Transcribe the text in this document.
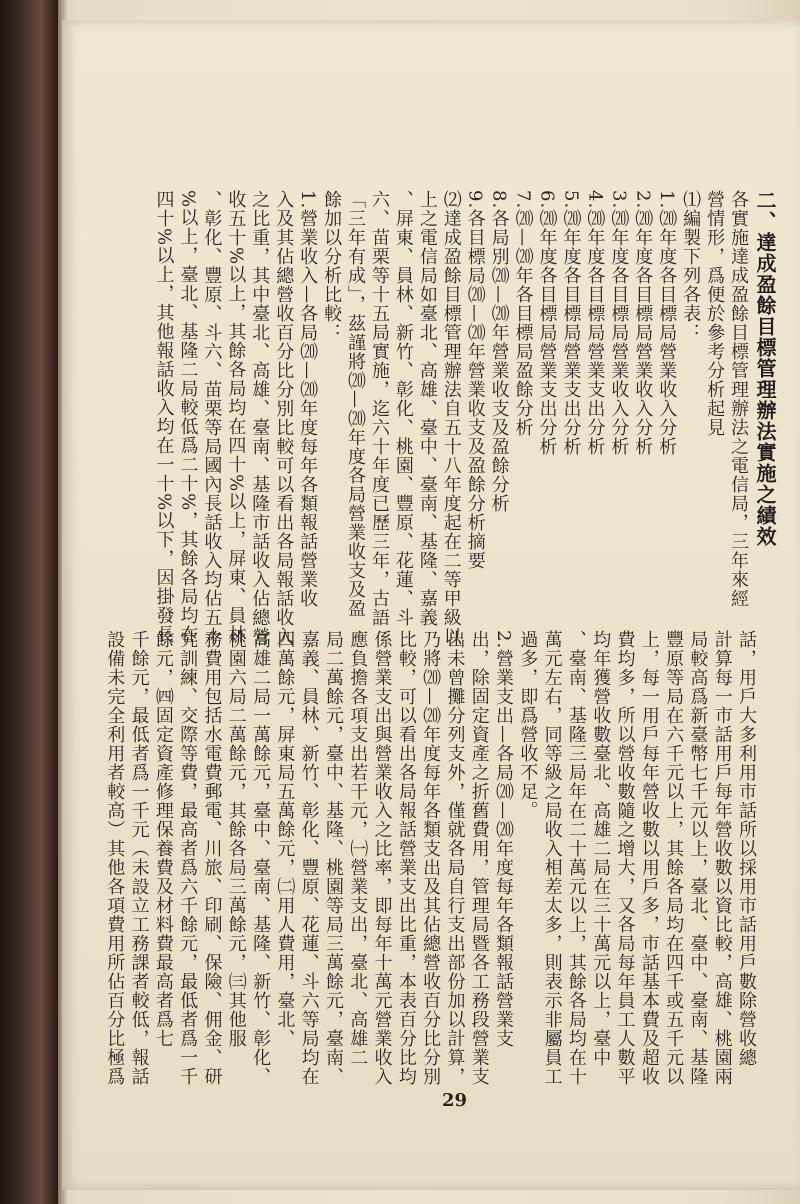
二、達成盈餘目標管理辦法實施之績效
各實施達成盈餘目標管理辦法之電信局，三年來經
營情形，爲便於參考分析起見
⑴編製下列各表：
1.⒇年度各目標局營業收入分析
2.⒇年度各目標局營業收入分析
3.⒇年度各目標局營業收入分析
4.⒇年度各目標局營業支出分析
5.⒇年度各目標局營業支出分析
6.⒇年度各目標局營業支出分析
7.⒇—⒇年各目標局盈餘分析
8.各局別⒇—⒇年營業收支及盈餘分析
9.各目標局⒇—⒇年營業收支及盈餘分析摘要
⑵達成盈餘目標管理辦法自五十八年度起在二等甲級以
上之電信局如臺北、高雄、臺中、臺南、基隆、嘉義
、屏東、員林、新竹、彰化、桃園、豐原、花蓮、斗
六、苗栗等十五局實施，迄六十年度已歷三年，古語
「三年有成」，茲謹將⒇—⒇年度各局營業收支及盈
餘加以分析比較：
1.營業收入—各局⒇—⒇年度每年各類報話營業收
入及其佔總營收百分比分別比較可以看出各局報話收入
之比重，其中臺北、高雄、臺南、基隆市話收入佔總營
收五十%以上，其餘各局均在四十%以上，屏東、員林
、彰化、豐原、斗六、苗栗等局國內長話收入均佔五十
%以上，臺北、基隆二局較低爲二十%，其餘各局均在
四十%以上，其他報話收入均在一十%以下，因掛發長
話，用戶大多利用市話所以採用市話用戶數除營收總
計算每一市話用戶每年營收數以資比較，高雄、桃園兩
局較高爲新臺幣七千元以上，臺北、臺中、臺南、基隆
豐原等局在六千元以上，其餘各局均在四千或五千元以
上，每一用戶每年營收數以用戶多，市話基本費及超收
費均多，所以營收數隨之增大，又各局每年員工人數平
均年獲營收數臺北、高雄二局在三十萬元以上，臺中
、臺南、基隆三局年在二十萬元以上，其餘各局均在十
萬元左右，同等級之局收入相差太多，則表示非屬員工
過多，即爲營收不足。
2.營業支出—各局⒇—⒇年度每年各類報話營業支
出，除固定資產之折舊費用，管理局暨各工務段營業支
出未曾攤分列支外，僅就各局自行支出部份加以計算，
乃將⒇—⒇年度每年各類支出及其佔總營收百分比分別
比較，可以看出各局報話營業支出比重，本表百分比均
係營業支出與營業收入之比率，即每年十萬元營業收入
應負擔各項支出若干元，㈠營業支出，臺北、高雄二
局二萬餘元，臺中、基隆、桃園等局三萬餘元，臺南、
嘉義、員林、新竹、彰化、豐原、花蓮、斗六等局均在
四萬餘元，屏東局五萬餘元，㈡用人費用，臺北、
高雄二局一萬餘元，臺中、臺南、基隆、新竹、彰化、
桃園六局二萬餘元，其餘各局三萬餘元，㈢其他服
務費用包括水電費郵電、川旅、印刷、保險、佣金、研
究訓練、交際等費，最高者爲六千餘元，最低者爲一千
餘元，㈣固定資產修理保養費及材料費最高者爲七
千餘元，最低者爲一千元（未設立工務課者較低，報話
設備未完全利用者較高）其他各項費用所佔百分比極爲
29
